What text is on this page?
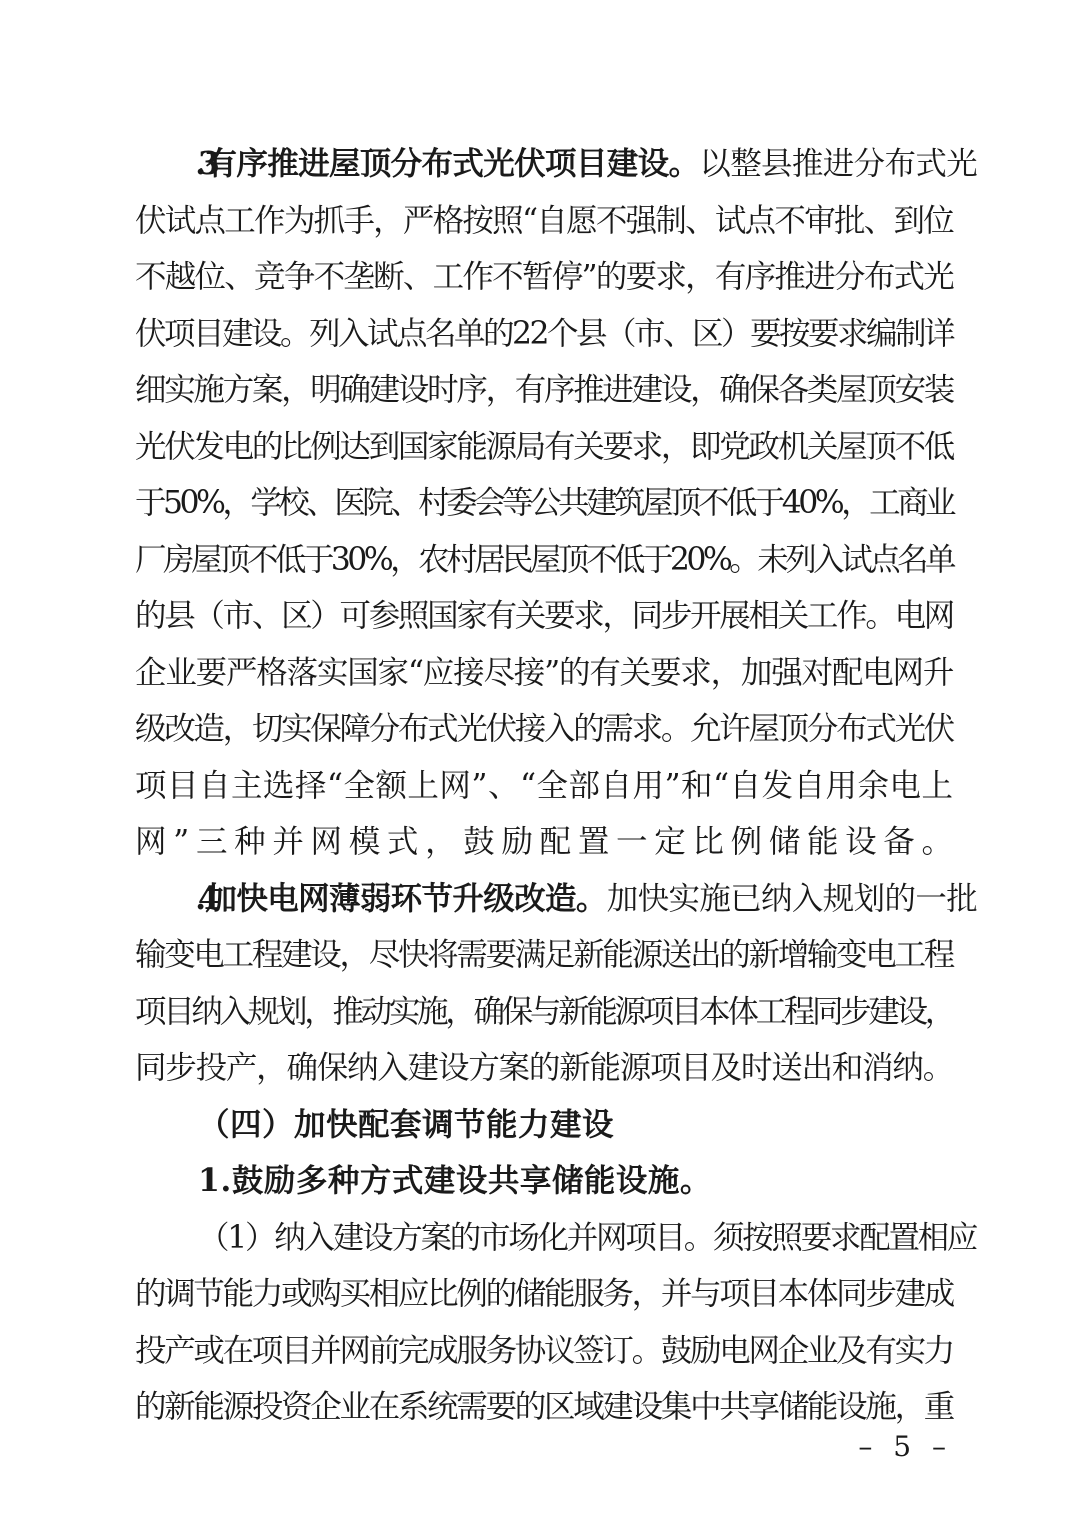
3.有序推进屋顶分布式光伏项目建设。以整县推进分布式光

伏试点工作为抓手，严格按照“自愿不强制、试点不审批、到位
不越位、竞争不垄断、工作不暂停”的要求，有序推进分布式光
伏项目建设。列入试点名单的22个县（市、区）要按要求编制详
细实施方案，明确建设时序，有序推进建设，确保各类屋顶安装
光伏发电的比例达到国家能源局有关要求，即党政机关屋顶不低
于50%，学校、医院、村委会等公共建筑屋顶不低于40%，工商业
厂房屋顶不低于30%，农村居民屋顶不低于20%。未列入试点名单
的县（市、区）可参照国家有关要求，同步开展相关工作。电网
企业要严格落实国家“应接尽接”的有关要求，加强对配电网升
级改造，切实保障分布式光伏接入的需求。允许屋顶分布式光伏
项目自主选择“全额上网”、“全部自用”和“自发自用余电上
网”三种并网模式，鼓励配置一定比例储能设备。

4.加快电网薄弱环节升级改造。加快实施已纳入规划的一批

输变电工程建设，尽快将需要满足新能源送出的新增输变电工程
项目纳入规划，推动实施，确保与新能源项目本体工程同步建设，
同步投产，确保纳入建设方案的新能源项目及时送出和消纳。

（四）加快配套调节能力建设

1.鼓励多种方式建设共享储能设施。

（1）纳入建设方案的市场化并网项目。须按照要求配置相应

的调节能力或购买相应比例的储能服务，并与项目本体同步建成
投产或在项目并网前完成服务协议签订。鼓励电网企业及有实力
的新能源投资企业在系统需要的区域建设集中共享储能设施，重

– 5 –
